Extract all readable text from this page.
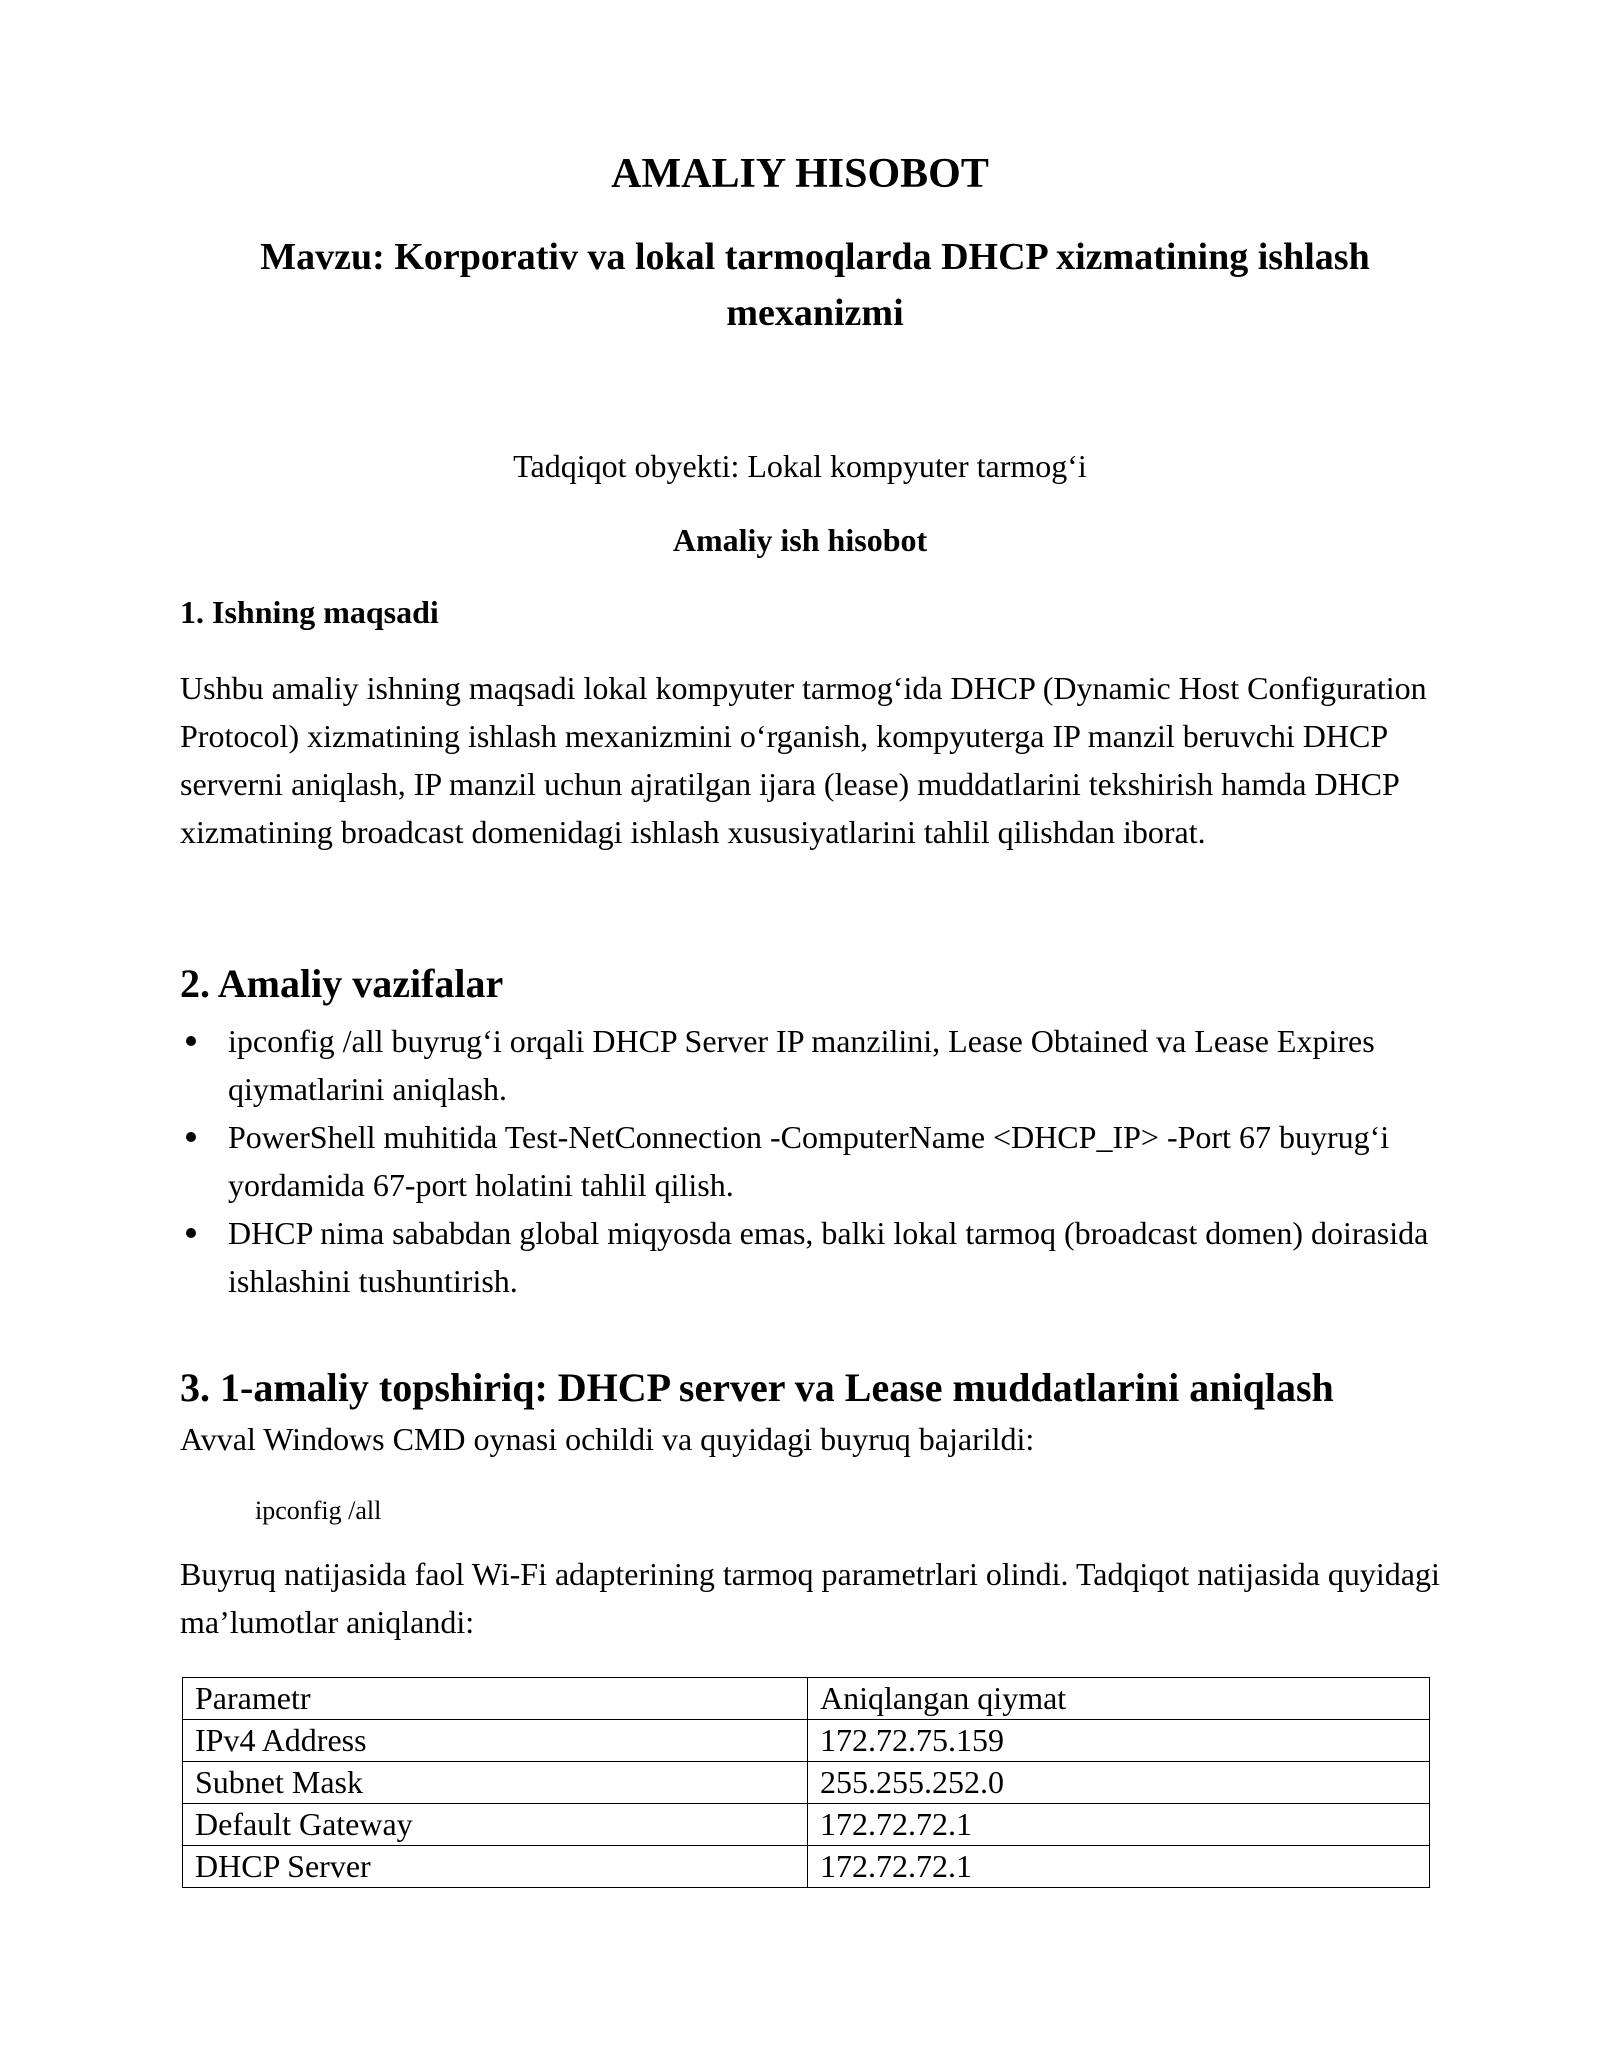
AMALIY HISOBOT
Mavzu: Korporativ va lokal tarmoqlarda DHCP xizmatining ishlash mexanizmi

Tadqiqot obyekti: Lokal kompyuter tarmog‘i

Amaliy ish hisobot

1. Ishning maqsadi

Ushbu amaliy ishning maqsadi lokal kompyuter tarmog‘ida DHCP (Dynamic Host Configuration Protocol) xizmatining ishlash mexanizmini o‘rganish, kompyuterga IP manzil beruvchi DHCP serverni aniqlash, IP manzil uchun ajratilgan ijara (lease) muddatlarini tekshirish hamda DHCP xizmatining broadcast domenidagi ishlash xususiyatlarini tahlil qilishdan iborat.

2. Amaliy vazifalar
ipconfig /all buyrug‘i orqali DHCP Server IP manzilini, Lease Obtained va Lease Expires qiymatlarini aniqlash.
PowerShell muhitida Test-NetConnection -ComputerName <DHCP_IP> -Port 67 buyrug‘i yordamida 67-port holatini tahlil qilish.
DHCP nima sababdan global miqyosda emas, balki lokal tarmoq (broadcast domen) doirasida ishlashini tushuntirish.
3. 1-amaliy topshiriq: DHCP server va Lease muddatlarini aniqlash

Avval Windows CMD oynasi ochildi va quyidagi buyruq bajarildi:

ipconfig /all

Buyruq natijasida faol Wi-Fi adapterining tarmoq parametrlari olindi. Tadqiqot natijasida quyidagi ma’lumotlar aniqlandi:

Parametr	Aniqlangan qiymat
IPv4 Address	172.72.75.159
Subnet Mask	255.255.252.0
Default Gateway	172.72.72.1
DHCP Server	172.72.72.1
